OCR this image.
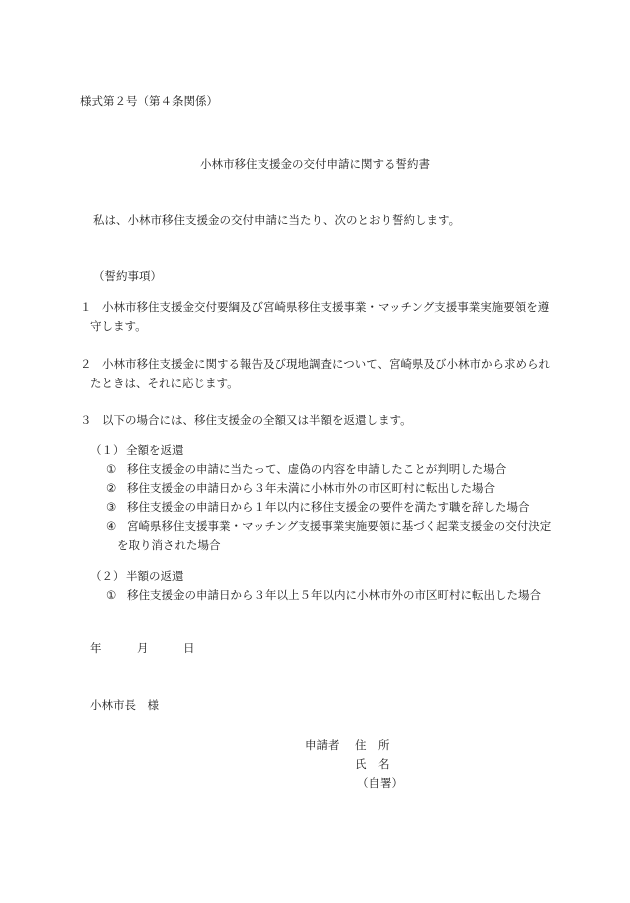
様式第２号（第４条関係）
小林市移住支援金の交付申請に関する誓約書
私は、小林市移住支援金の交付申請に当たり、次のとおり誓約します。
（誓約事項）
１ 小林市移住支援金交付要綱及び宮崎県移住支援事業・マッチング支援事業実施要領を遵
守します。
２ 小林市移住支援金に関する報告及び現地調査について、宮崎県及び小林市から求められ
たときは、それに応じます。
３ 以下の場合には、移住支援金の全額又は半額を返還します。
（１） 全額を返還
① 移住支援金の申請に当たって、虚偽の内容を申請したことが判明した場合
② 移住支援金の申請日から３年未満に小林市外の市区町村に転出した場合
③ 移住支援金の申請日から１年以内に移住支援金の要件を満たす職を辞した場合
④ 宮崎県移住支援事業・マッチング支援事業実施要領に基づく起業支援金の交付決定
を取り消された場合
（２） 半額の返還
① 移住支援金の申請日から３年以上５年以内に小林市外の市区町村に転出した場合
年	月	日
小林市長　様
申請者 住　所
氏　名
（自署）
